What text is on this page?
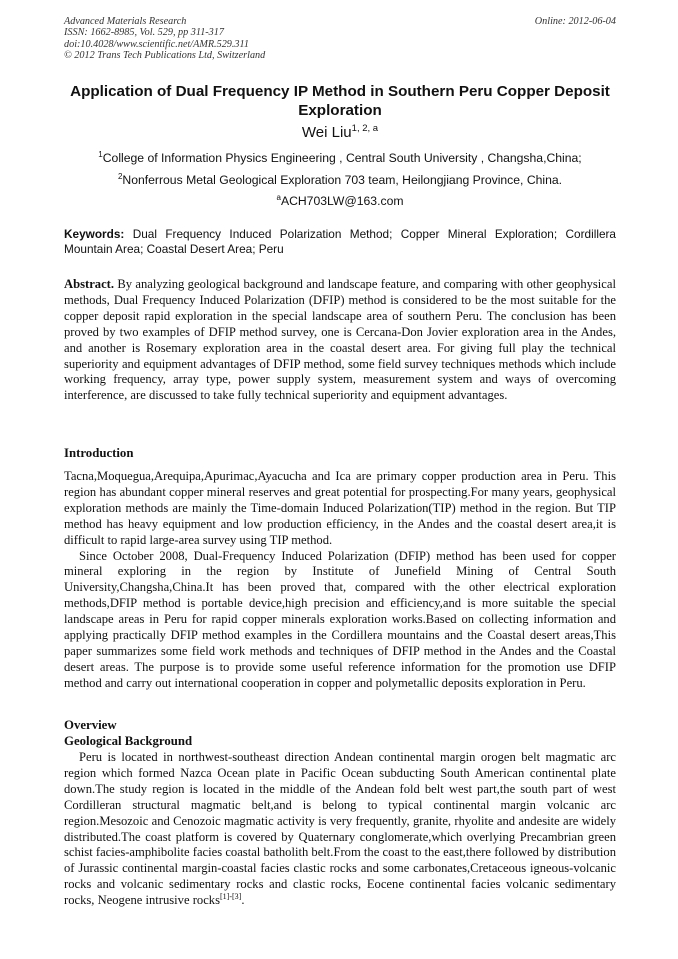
Advanced Materials Research
ISSN: 1662-8985, Vol. 529, pp 311-317
doi:10.4028/www.scientific.net/AMR.529.311
© 2012 Trans Tech Publications Ltd, Switzerland
Online: 2012-06-04
Application of Dual Frequency IP Method in Southern Peru Copper Deposit Exploration
Wei Liu$^{1, 2, a}$
$^1$College of Information Physics Engineering , Central South University , Changsha,China;
$^2$Nonferrous Metal Geological Exploration 703 team, Heilongjiang Province, China.
$^a$ACH703LW@163.com
Keywords: Dual Frequency Induced Polarization Method; Copper Mineral Exploration; Cordillera Mountain Area; Coastal Desert Area; Peru
Abstract. By analyzing geological background and landscape feature, and comparing with other geophysical methods, Dual Frequency Induced Polarization (DFIP) method is considered to be the most suitable for the copper deposit rapid exploration in the special landscape area of southern Peru. The conclusion has been proved by two examples of DFIP method survey, one is Cercana-Don Jovier exploration area in the Andes, and another is Rosemary exploration area in the coastal desert area. For giving full play the technical superiority and equipment advantages of DFIP method, some field survey techniques methods which include working frequency, array type, power supply system, measurement system and ways of overcoming interference, are discussed to take fully technical superiority and equipment advantages.
Introduction

Tacna,Moquegua,Arequipa,Apurimac,Ayacucha and Ica are primary copper production area in Peru. This region has abundant copper mineral reserves and great potential for prospecting.For many years, geophysical exploration methods are mainly the Time-domain Induced Polarization(TIP) method in the region. But TIP method has heavy equipment and low production efficiency, in the Andes and the coastal desert area,it is difficult to rapid large-area survey using TIP method.

Since October 2008, Dual-Frequency Induced Polarization (DFIP) method has been used for copper mineral exploring in the region by Institute of Junefield Mining of Central South University,Changsha,China.It has been proved that, compared with the other electrical exploration methods,DFIP method is portable device,high precision and efficiency,and is more suitable the special landscape areas in Peru for rapid copper minerals exploration works.Based on collecting information and applying practically DFIP method examples in the Cordillera mountains and the Coastal desert areas,This paper summarizes some field work methods and techniques of DFIP method in the Andes and the Coastal desert areas. The purpose is to provide some useful reference information for the promotion use DFIP method and carry out international cooperation in copper and polymetallic deposits exploration in Peru.

Overview
Geological Background

Peru is located in northwest-southeast direction Andean continental margin orogen belt magmatic arc region which formed Nazca Ocean plate in Pacific Ocean subducting South American continental plate down.The study region is located in the middle of the Andean fold belt west part,the south part of west Cordilleran structural magmatic belt,and is belong to typical continental margin volcanic arc region.Mesozoic and Cenozoic magmatic activity is very frequently, granite, rhyolite and andesite are widely distributed.The coast platform is covered by Quaternary conglomerate,which overlying Precambrian green schist facies-amphibolite facies coastal batholith belt.From the coast to the east,there followed by distribution of Jurassic continental margin-coastal facies clastic rocks and some carbonates,Cretaceous igneous-volcanic rocks and volcanic sedimentary rocks and clastic rocks, Eocene continental facies volcanic sedimentary rocks, Neogene intrusive rocks[1]-[3].
